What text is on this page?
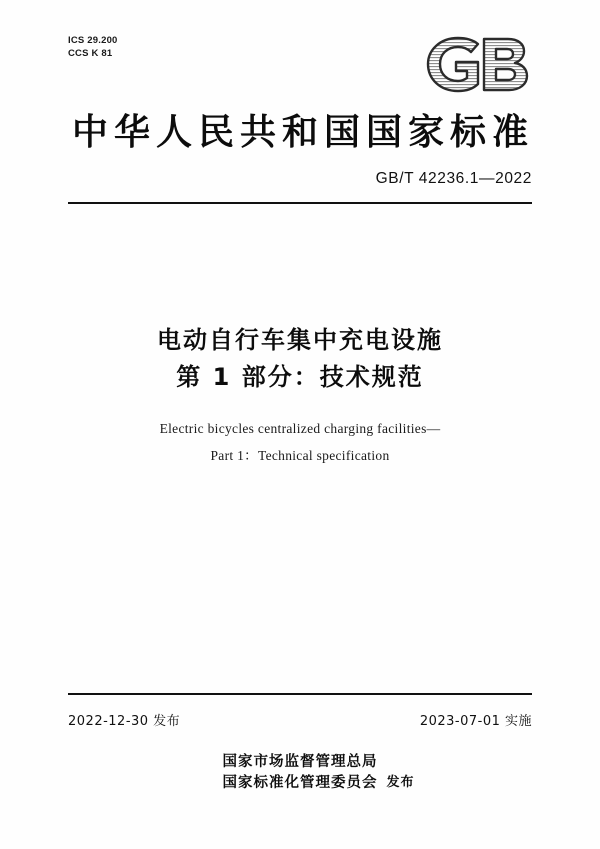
ICS 29.200
CCS K 81
中华人民共和国国家标准
GB/T 42236.1—2022
电动自行车集中充电设施
第 1 部分：技术规范
Electric bicycles centralized charging facilities—
Part 1：Technical specification
2022-12-30 发布	2023-07-01 实施
国家市场监督管理总局
国家标准化管理委员会 发布
